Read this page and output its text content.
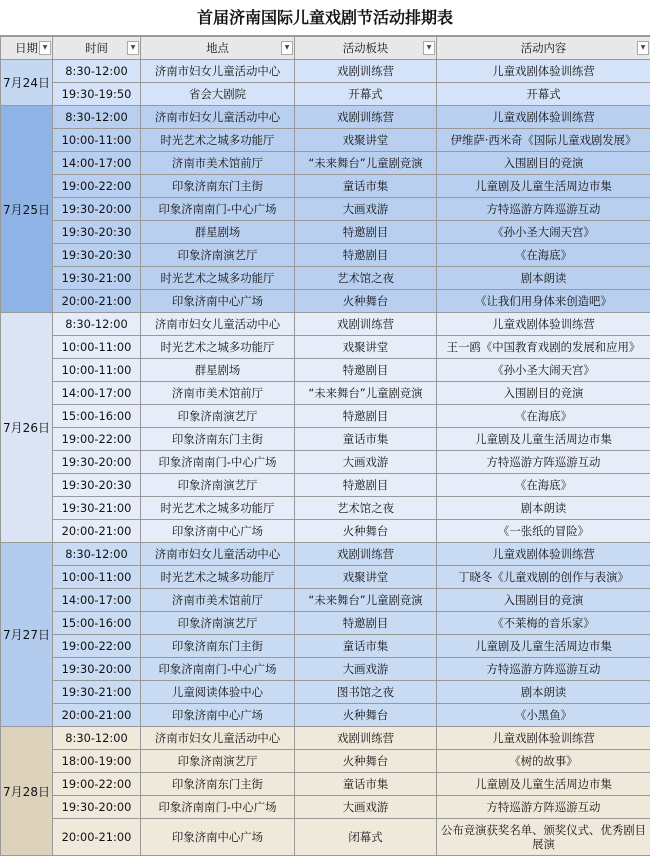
首届济南国际儿童戏剧节活动排期表
日期 ▼	时间 ▼	地点 ▼	活动板块 ▼	活动内容 ▼

7月24日	8:30-12:00	济南市妇女儿童活动中心	戏剧训练营	儿童戏剧体验训练营
	19:30-19:50	省会大剧院	开幕式	开幕式
7月25日	8:30-12:00	济南市妇女儿童活动中心	戏剧训练营	儿童戏剧体验训练营
	10:00-11:00	时光艺术之城多功能厅	戏聚讲堂	伊维萨·西米奇《国际儿童戏剧发展》
	14:00-17:00	济南市美术馆前厅	“未来舞台”儿童剧竞演	入围剧目的竞演
	19:00-22:00	印象济南东门主街	童话市集	儿童剧及儿童生活周边市集
	19:30-20:00	印象济南南门-中心广场	大画戏游	方特巡游方阵巡游互动
	19:30-20:30	群星剧场	特邀剧目	《孙小圣大闹天宫》
	19:30-20:30	印象济南演艺厅	特邀剧目	《在海底》
	19:30-21:00	时光艺术之城多功能厅	艺术馆之夜	剧本朗读
	20:00-21:00	印象济南中心广场	火种舞台	《让我们用身体来创造吧》
7月26日	8:30-12:00	济南市妇女儿童活动中心	戏剧训练营	儿童戏剧体验训练营
	10:00-11:00	时光艺术之城多功能厅	戏聚讲堂	王一鸥《中国教育戏剧的发展和应用》
	10:00-11:00	群星剧场	特邀剧目	《孙小圣大闹天宫》
	14:00-17:00	济南市美术馆前厅	“未来舞台”儿童剧竞演	入围剧目的竞演
	15:00-16:00	印象济南演艺厅	特邀剧目	《在海底》
	19:00-22:00	印象济南东门主街	童话市集	儿童剧及儿童生活周边市集
	19:30-20:00	印象济南南门-中心广场	大画戏游	方特巡游方阵巡游互动
	19:30-20:30	印象济南演艺厅	特邀剧目	《在海底》
	19:30-21:00	时光艺术之城多功能厅	艺术馆之夜	剧本朗读
	20:00-21:00	印象济南中心广场	火种舞台	《一张纸的冒险》
7月27日	8:30-12:00	济南市妇女儿童活动中心	戏剧训练营	儿童戏剧体验训练营
	10:00-11:00	时光艺术之城多功能厅	戏聚讲堂	丁晓冬《儿童戏剧的创作与表演》
	14:00-17:00	济南市美术馆前厅	“未来舞台”儿童剧竞演	入围剧目的竞演
	15:00-16:00	印象济南演艺厅	特邀剧目	《不莱梅的音乐家》
	19:00-22:00	印象济南东门主街	童话市集	儿童剧及儿童生活周边市集
	19:30-20:00	印象济南南门-中心广场	大画戏游	方特巡游方阵巡游互动
	19:30-21:00	儿童阅读体验中心	图书馆之夜	剧本朗读
	20:00-21:00	印象济南中心广场	火种舞台	《小黑鱼》
7月28日	8:30-12:00	济南市妇女儿童活动中心	戏剧训练营	儿童戏剧体验训练营
	18:00-19:00	印象济南演艺厅	火种舞台	《树的故事》
	19:00-22:00	印象济南东门主街	童话市集	儿童剧及儿童生活周边市集
	19:30-20:00	印象济南南门-中心广场	大画戏游	方特巡游方阵巡游互动
	20:00-21:00	印象济南中心广场	闭幕式	公布竞演获奖名单、颁奖仪式、优秀剧目展演
